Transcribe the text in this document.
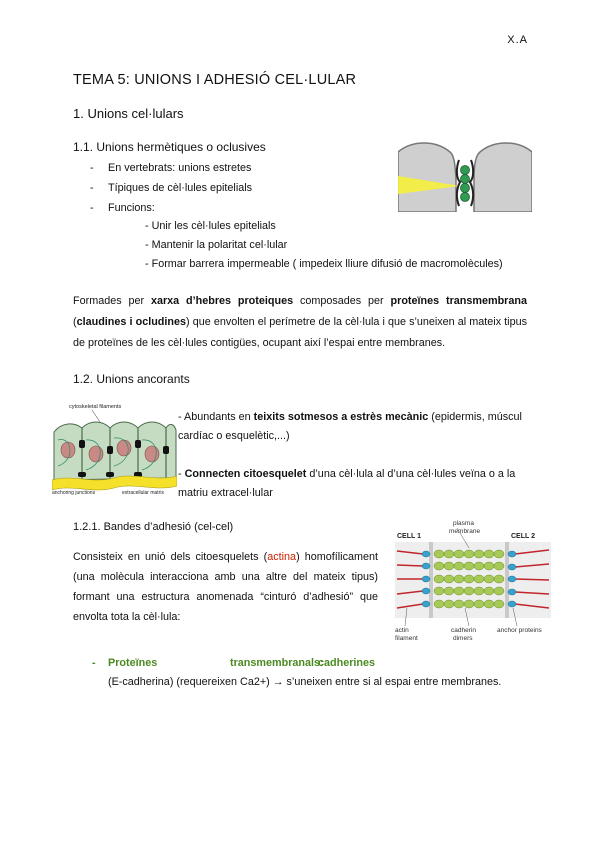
X.A
TEMA 5: UNIONS I ADHESIÓ CEL·LULAR
1. Unions cel·lulars
1.1. Unions hermètiques o oclusives
- En vertebrats: unions estretes
- Típiques de cèl·lules epitelials
- Funcions:
- Unir les cèl·lules epitelials
- Mantenir la polaritat cel·lular
- Formar barrera impermeable ( impedeix lliure difusió de macromolècules)
Formades per xarxa d’hebres proteiques composades per proteïnes transmembrana (claudines i ocludines) que envolten el perímetre de la cèl·lula i que s’uneixen al mateix tipus de proteïnes de les cèl·lules contigües, ocupant així l’espai entre membranes.
1.2. Unions ancorants
cytoskeletal filaments
anchoring junctions	extracellular matrix
- Abundants en teixits sotmesos a estrès mecànic (epidermis, múscul cardíac o esquelètic,...)
- Connecten citoesquelet d’una cèl·lula al d’una cèl·lules veïna o a la matriu extracel·lular
1.2.1. Bandes d’adhesió (cel-cel)
Consisteix en unió dels citoesquelets (actina) homofílicament (una molècula interacciona amb una altre del mateix tipus) formant una estructura anomenada “cinturó d’adhesió” que envolta tota la cèl·lula:
plasma
membrane
CELL 1	CELL 2
actin
filament
cadherin
dimers
anchor proteins
- Proteïnes	transmembranals:
cadherines
(E-cadherina) (requereixen Ca2+) → s’uneixen entre si al espai entre membranes.
